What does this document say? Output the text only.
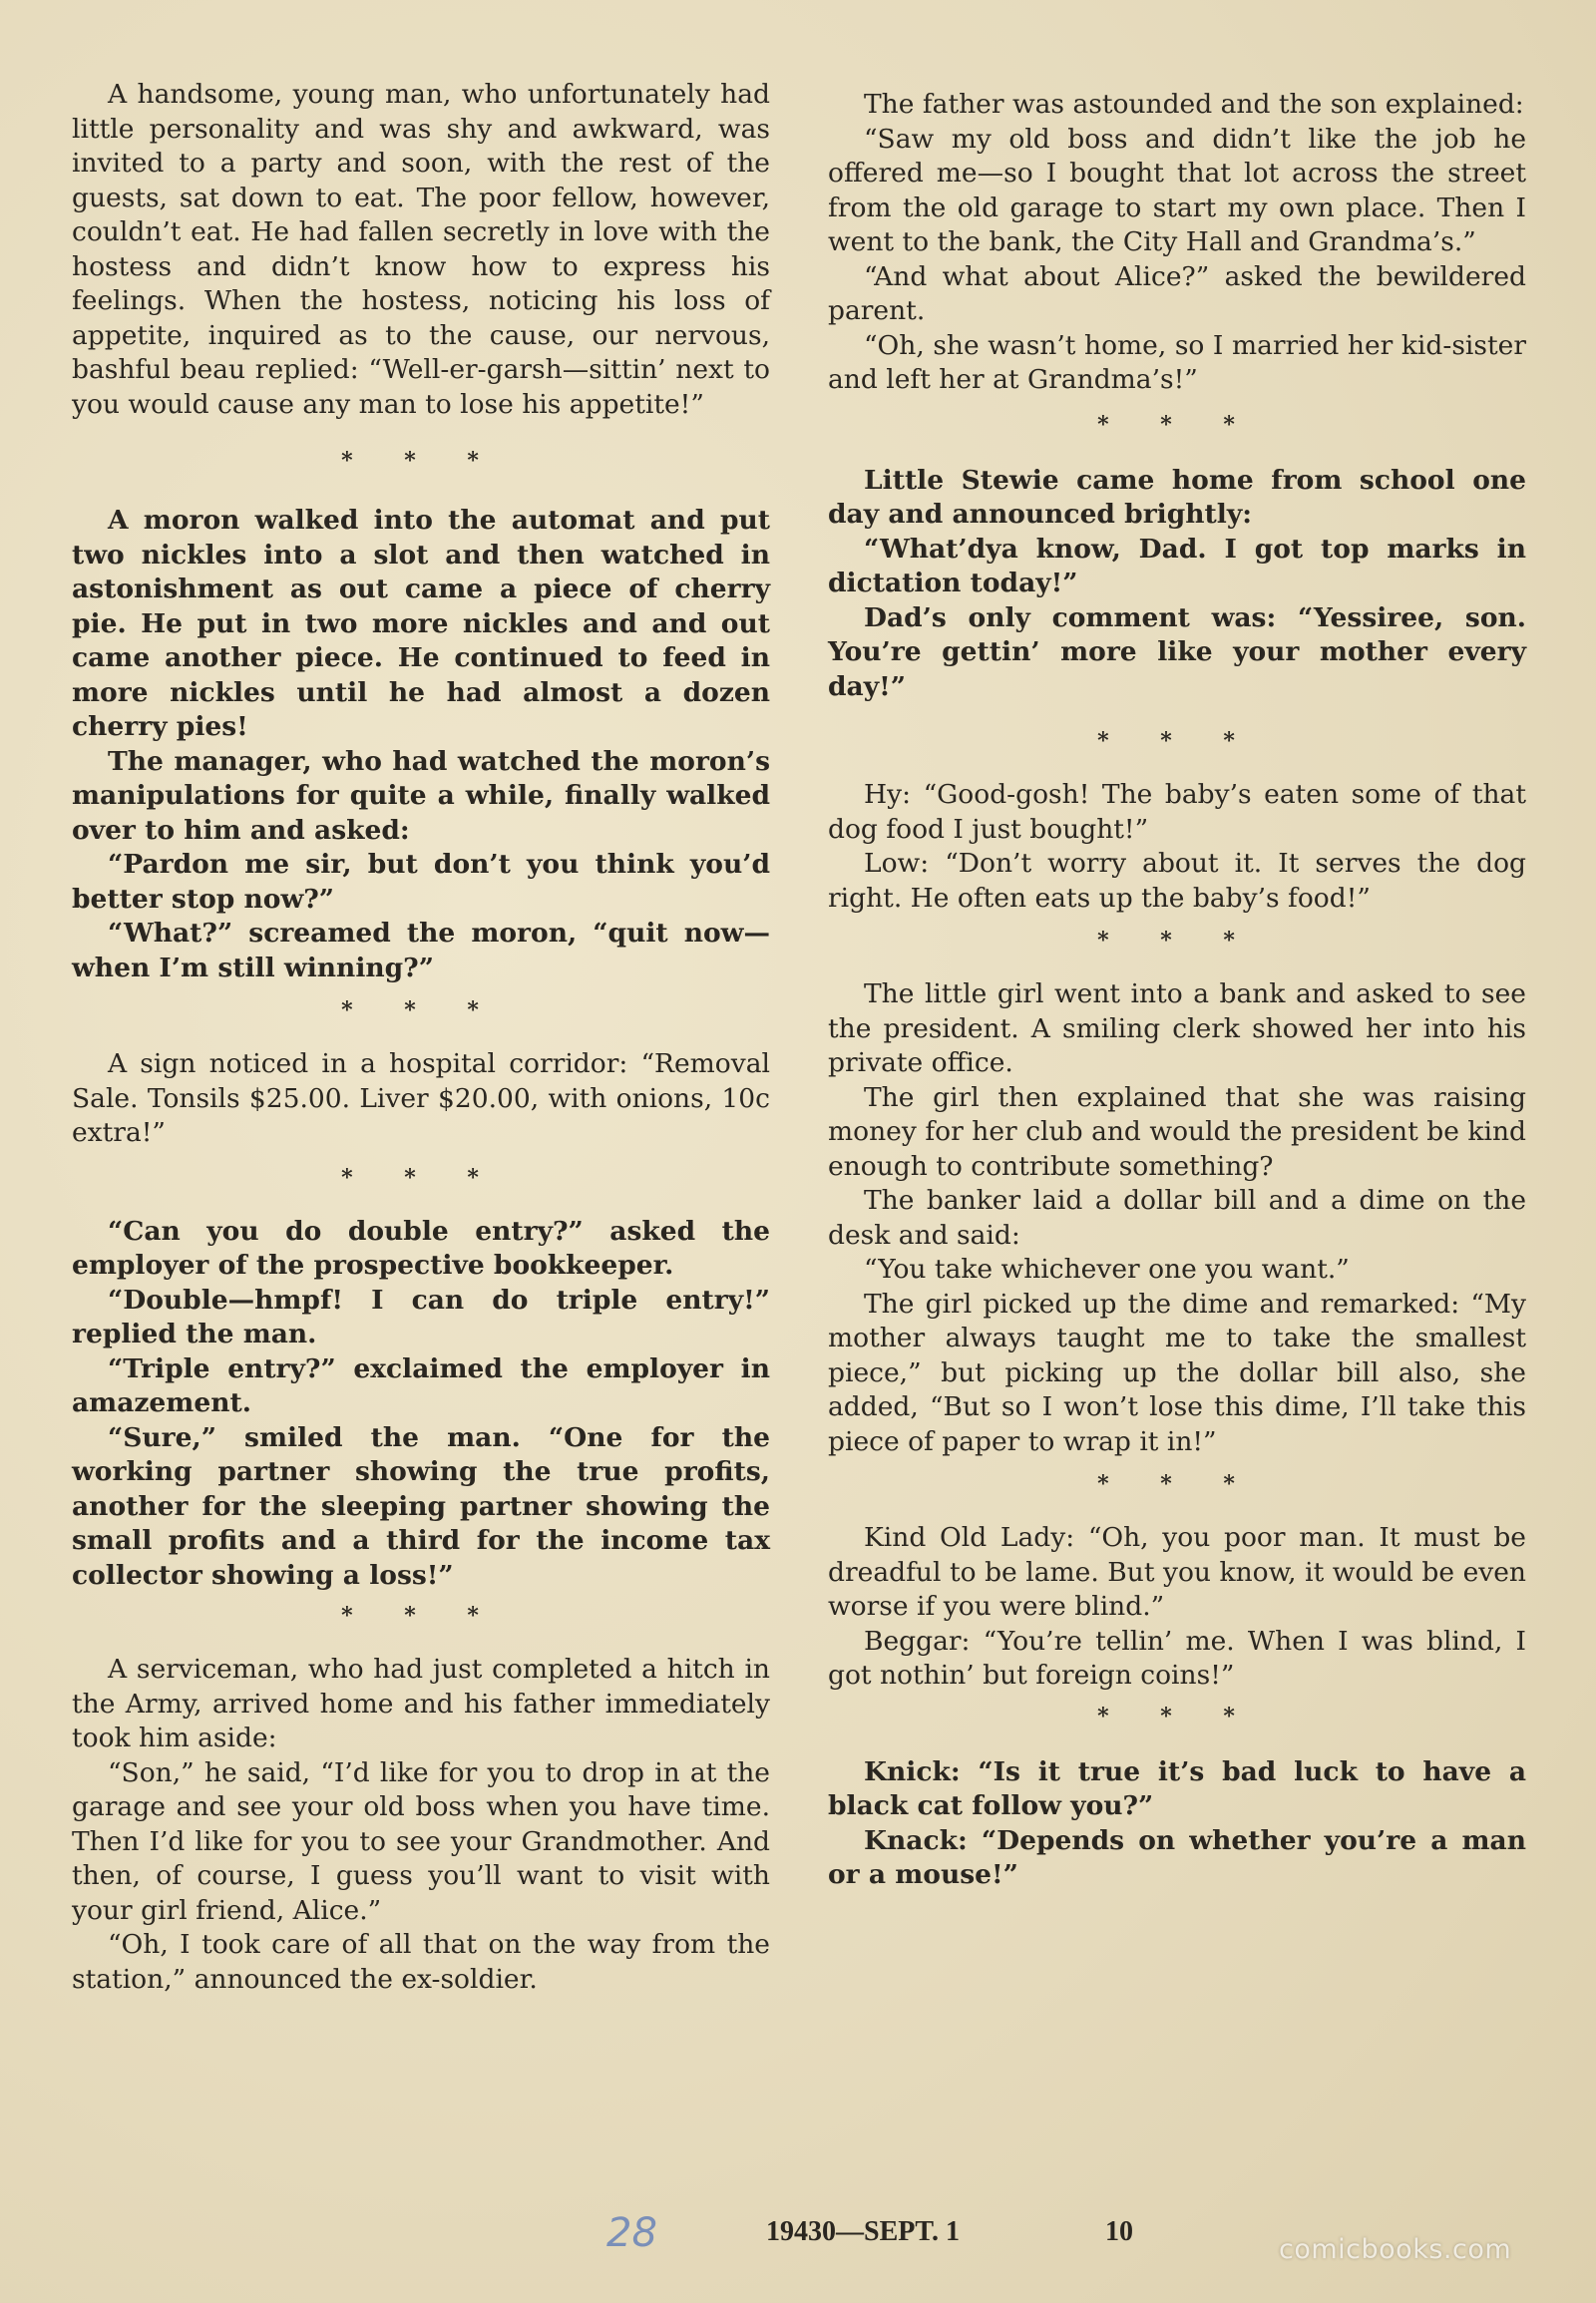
A handsome, young man, who unfortunately had little personality and was shy and awkward, was invited to a party and soon, with the rest of the guests, sat down to eat. The poor fellow, however, couldn’t eat. He had fallen secretly in love with the hostess and didn’t know how to express his feelings. When the hostess, noticing his loss of appetite, inquired as to the cause, our nervous, bashful beau replied: “Well-er-garsh—sittin’ next to you would cause any man to lose his appetite!”

* * *

A moron walked into the automat and put two nickles into a slot and then watched in astonishment as out came a piece of cherry pie. He put in two more nickles and and out came another piece. He continued to feed in more nickles until he had almost a dozen cherry pies!

The manager, who had watched the moron’s manipulations for quite a while, finally walked over to him and asked:

“Pardon me sir, but don’t you think you’d better stop now?”

“What?” screamed the moron, “quit now—when I’m still winning?”

* * *

A sign noticed in a hospital corridor: “Removal Sale. Tonsils $25.00. Liver $20.00, with onions, 10c extra!”

* * *

“Can you do double entry?” asked the employer of the prospective bookkeeper.

“Double—hmpf! I can do triple entry!” replied the man.

“Triple entry?” exclaimed the employer in amazement.

“Sure,” smiled the man. “One for the working partner showing the true profits, another for the sleeping partner showing the small profits and a third for the income tax collector showing a loss!”

* * *

A serviceman, who had just completed a hitch in the Army, arrived home and his father immediately took him aside:

“Son,” he said, “I’d like for you to drop in at the garage and see your old boss when you have time. Then I’d like for you to see your Grandmother. And then, of course, I guess you’ll want to visit with your girl friend, Alice.”

“Oh, I took care of all that on the way from the station,” announced the ex-soldier.

The father was astounded and the son explained:

“Saw my old boss and didn’t like the job he offered me—so I bought that lot across the street from the old garage to start my own place. Then I went to the bank, the City Hall and Grandma’s.”

“And what about Alice?” asked the bewildered parent.

“Oh, she wasn’t home, so I married her kid-sister and left her at Grandma’s!”

* * *

Little Stewie came home from school one day and announced brightly:

“What’dya know, Dad. I got top marks in dictation today!”

Dad’s only comment was: “Yessiree, son. You’re gettin’ more like your mother every day!”

* * *

Hy: “Good-gosh! The baby’s eaten some of that dog food I just bought!”

Low: “Don’t worry about it. It serves the dog right. He often eats up the baby’s food!”

* * *

The little girl went into a bank and asked to see the president. A smiling clerk showed her into his private office.

The girl then explained that she was raising money for her club and would the president be kind enough to contribute something?

The banker laid a dollar bill and a dime on the desk and said:

“You take whichever one you want.”

The girl picked up the dime and remarked: “My mother always taught me to take the smallest piece,” but picking up the dollar bill also, she added, “But so I won’t lose this dime, I’ll take this piece of paper to wrap it in!”

* * *

Kind Old Lady: “Oh, you poor man. It must be dreadful to be lame. But you know, it would be even worse if you were blind.”

Beggar: “You’re tellin’ me. When I was blind, I got nothin’ but foreign coins!”

* * *

Knick: “Is it true it’s bad luck to have a black cat follow you?”

Knack: “Depends on whether you’re a man or a mouse!”

28	19430—SEPT. 1	10
comicbooks.com
